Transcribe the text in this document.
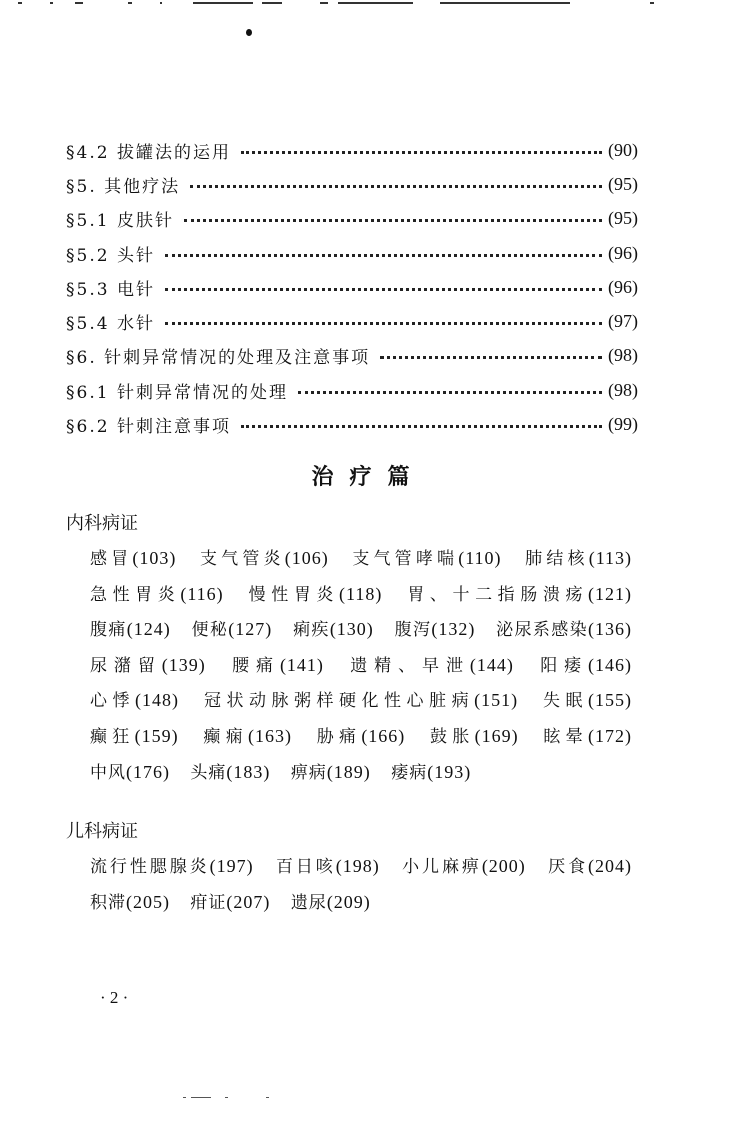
§4.2 拔罐法的运用	(90)
§5. 其他疗法	(95)
§5.1 皮肤针	(95)
§5.2 头针	(96)
§5.3 电针	(96)
§5.4 水针	(97)
§6. 针刺异常情况的处理及注意事项	(98)
§6.1 针刺异常情况的处理	(98)
§6.2 针刺注意事项	(99)
治疗篇
内科病证
感冒(103) 支气管炎(106) 支气管哮喘(110) 肺结核(113) 急性胃炎(116) 慢性胃炎(118) 胃、十二指肠溃疡(121) 腹痛(124) 便秘(127) 痢疾(130) 腹泻(132) 泌尿系感染(136) 尿潴留(139) 腰痛(141) 遗精、早泄(144) 阳痿(146) 心悸(148) 冠状动脉粥样硬化性心脏病(151) 失眠(155) 癫狂(159) 癫痫(163) 胁痛(166) 鼓胀(169) 眩晕(172) 中风(176) 头痛(183) 痹病(189) 痿病(193)
儿科病证
流行性腮腺炎(197) 百日咳(198) 小儿麻痹(200) 厌食(204) 积滞(205) 疳证(207) 遗尿(209)
· 2 ·
